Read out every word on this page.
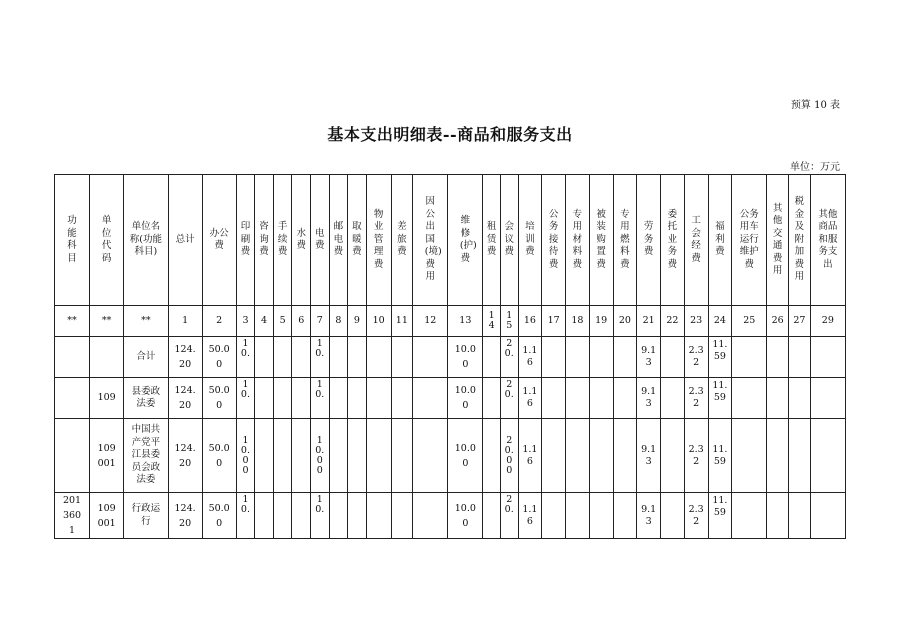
预算 10 表
基本支出明细表--商品和服务支出
单位：万元
功能科目	单位代码	单位名称(功能科目)	总计	办公费	印刷费	咨询费	手续费	水费	电费	邮电费	取暖费	物业管理费	差旅费	因公出国(境)费用	维修(护)费	租赁费	会议费	培训费	公务接待费	专用材料费	被装购置费	专用燃料费	劳务费	委托业务费	工会经费	福利费	公务用车运行维护费	其他交通费用	税金及附加费用	其他商品和服务支出
**	**	**	1	2	3	4	5	6	7	8	9	10	11	12	13	14	15	16	17	18	19	20	21	22	23	24	25	26	27	29
		合计	124.20	50.00	10.				10.						10.00		20.	1.16					9.13		2.32	11.59				
	109	县委政法委	124.20	50.00	10.				10.						10.00		20.	1.16					9.13		2.32	11.59				
	109001	中国共产党平江县委员会政法委	124.20	50.00	10.00				10.00						10.00		20.00	1.16					9.13		2.32	11.59				
2013601	109001	行政运行	124.20	50.00	10.				10.						10.00		20.	1.16					9.13		2.32	11.59				
